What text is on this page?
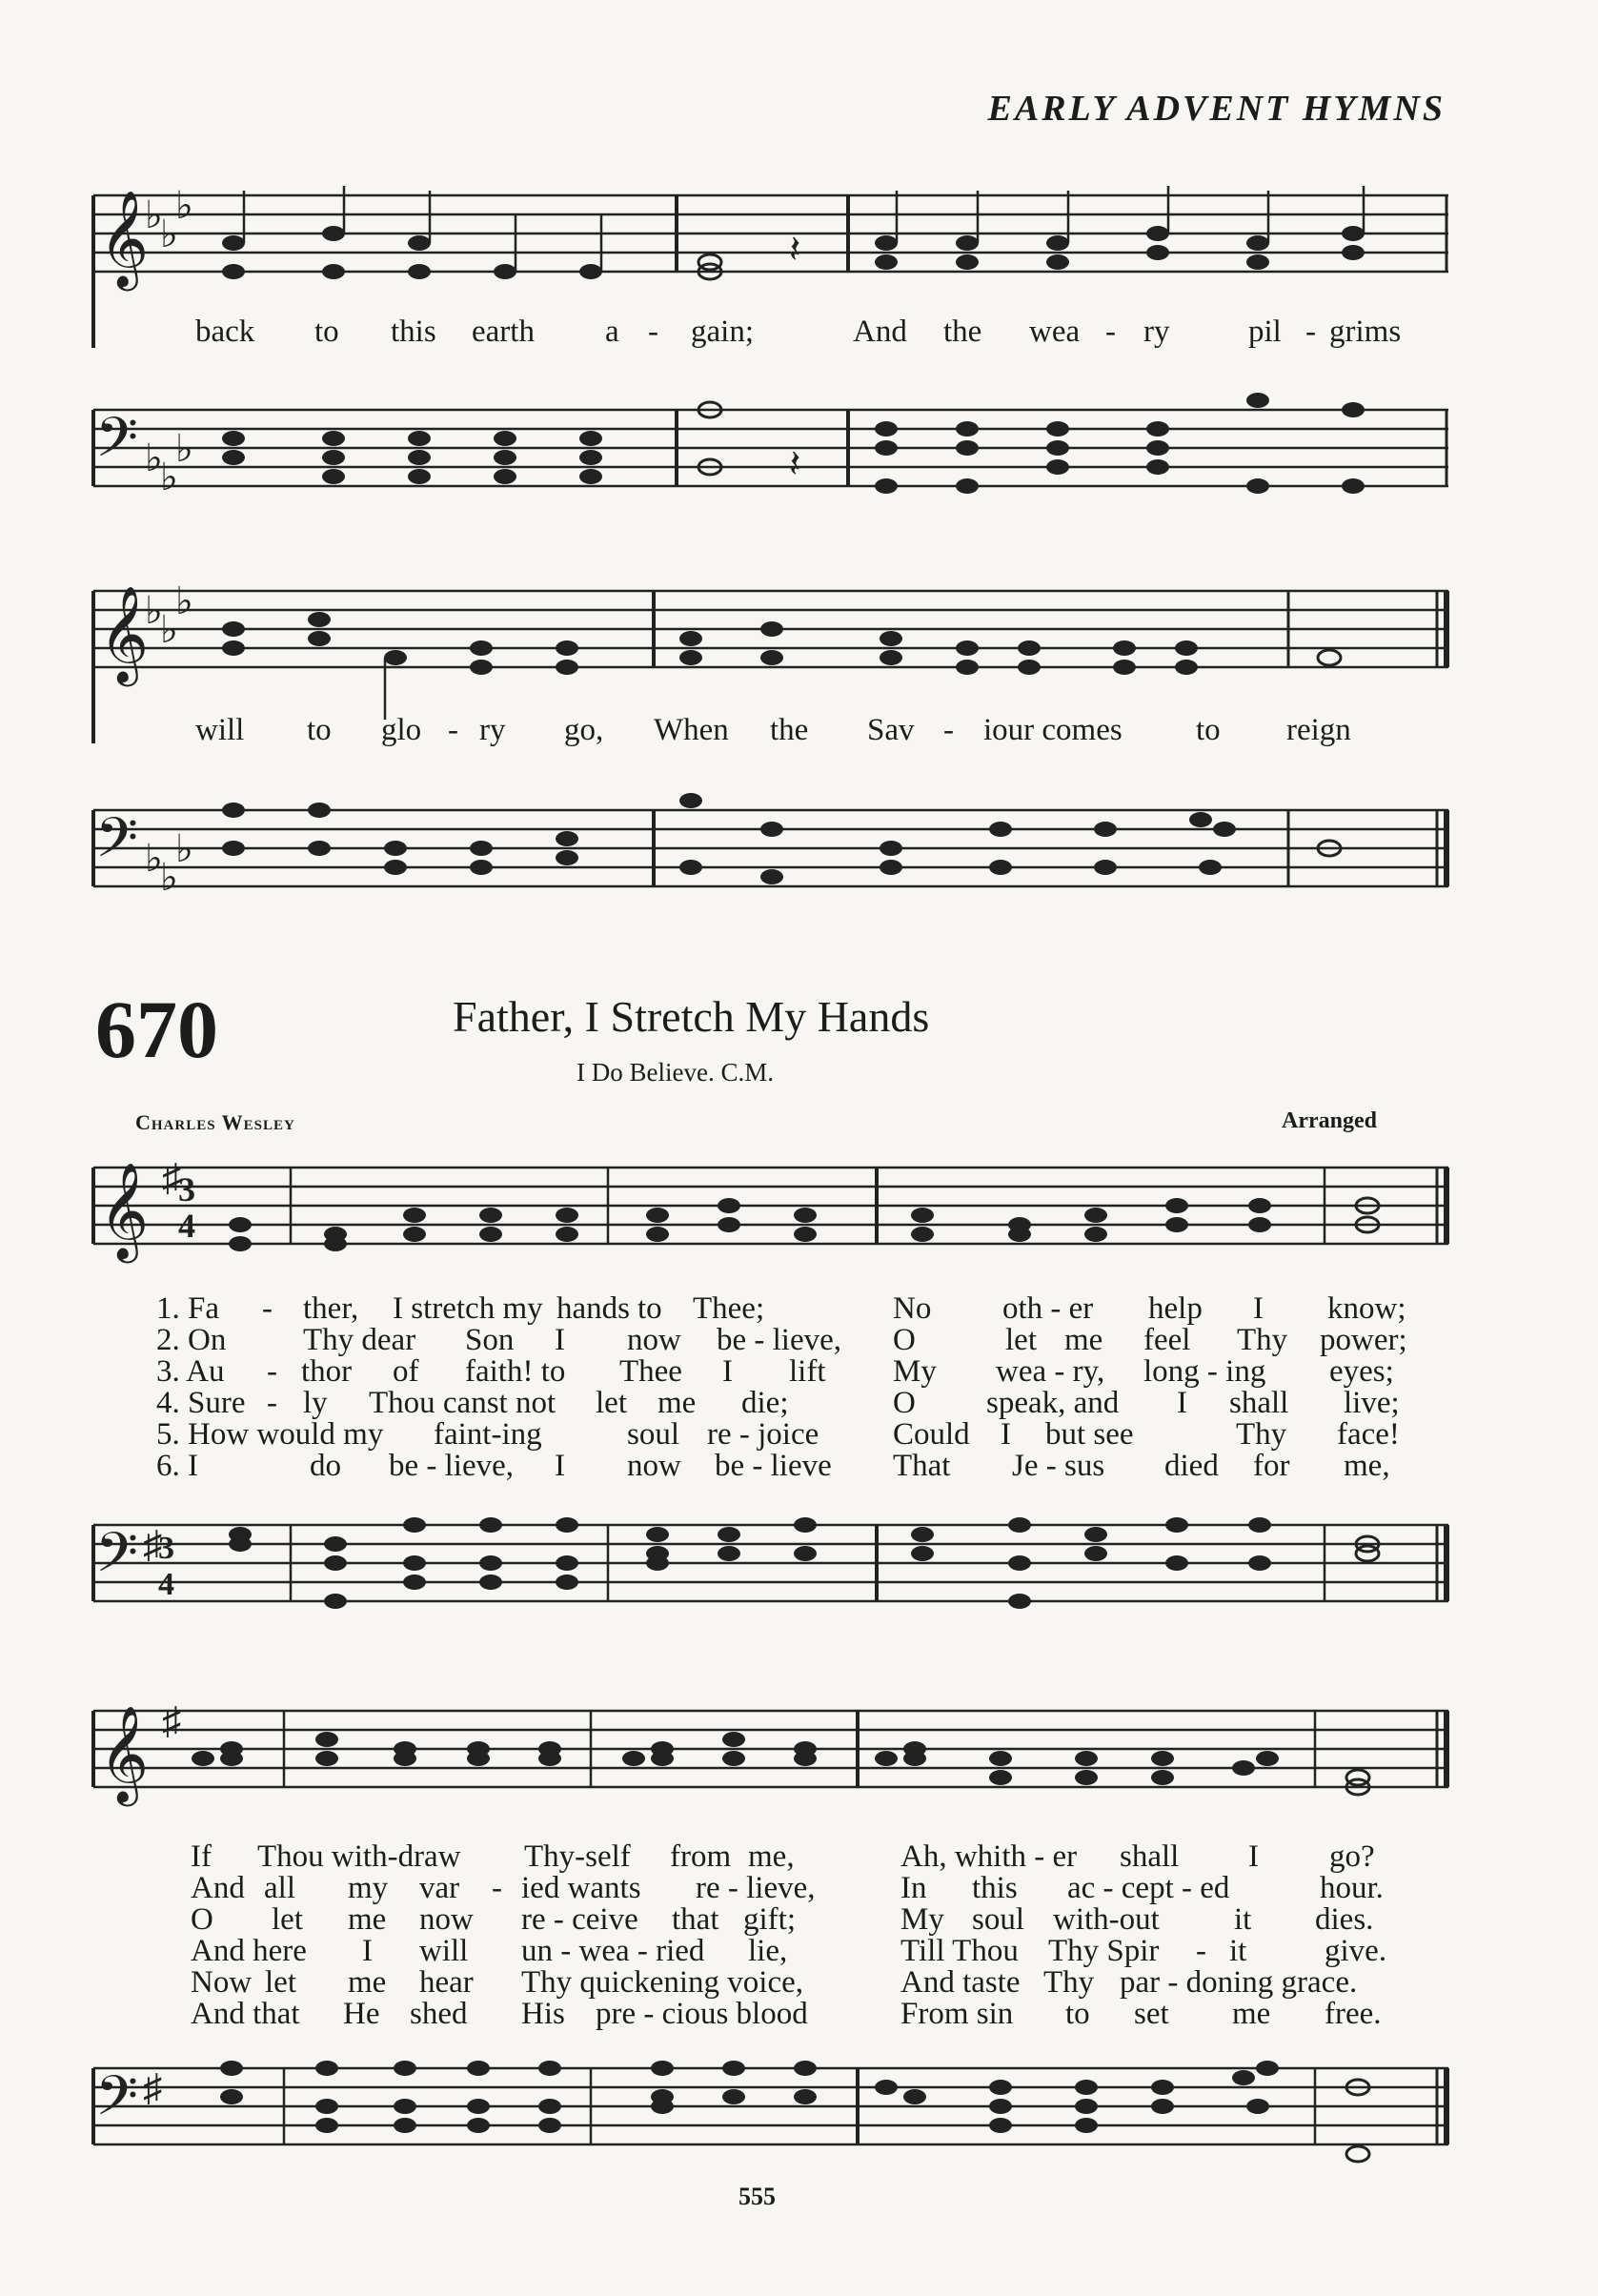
EARLY ADVENT HYMNS
𝄞
♭
♭
♭
𝄽
back to this earth a - gain;	And the wea - ry	pil - grims
𝄢 ♭
♭
♭	𝄽
𝄞
♭
♭
♭
will to glo - ry go, When the Sav - iour comes to reign
𝄢 ♭
♭
♭
670	Father, I Stretch My Hands
I Do Believe. C.M.
Charles Wesley	Arranged
𝄞 ♯
3
4
1. Fa - ther, I stretch my hands to Thee;	No oth - er help I know;
2. On Thy dear Son I now be - lieve, O	let me feel Thy power;
3. Au - thor of faith! to Thee I lift My wea - ry, long - ing eyes;
4. Sure - ly Thou canst not let me die;	O speak, and I shall live;
5. How would my faint-ing	soul re - joice Could I but see	Thy face!
6. I	do be - lieve, I now be - lieve That Je - sus died for me,
𝄢 ♯
3
4
𝄞 ♯
If Thou with-draw Thy-self from me,	Ah, whith - er shall I go?
And all my var - ied wants re - lieve,	In this ac - cept - ed	hour.
O let me now re - ceive that gift;	My soul with-out it dies.
And here I will un - wea - ried lie,	Till Thou Thy Spir - it give.
Now let me hear Thy quickening voice,	And taste Thy par - doning grace.
And that He shed His pre - cious blood	From sin to set me free.
𝄢 ♯
555
